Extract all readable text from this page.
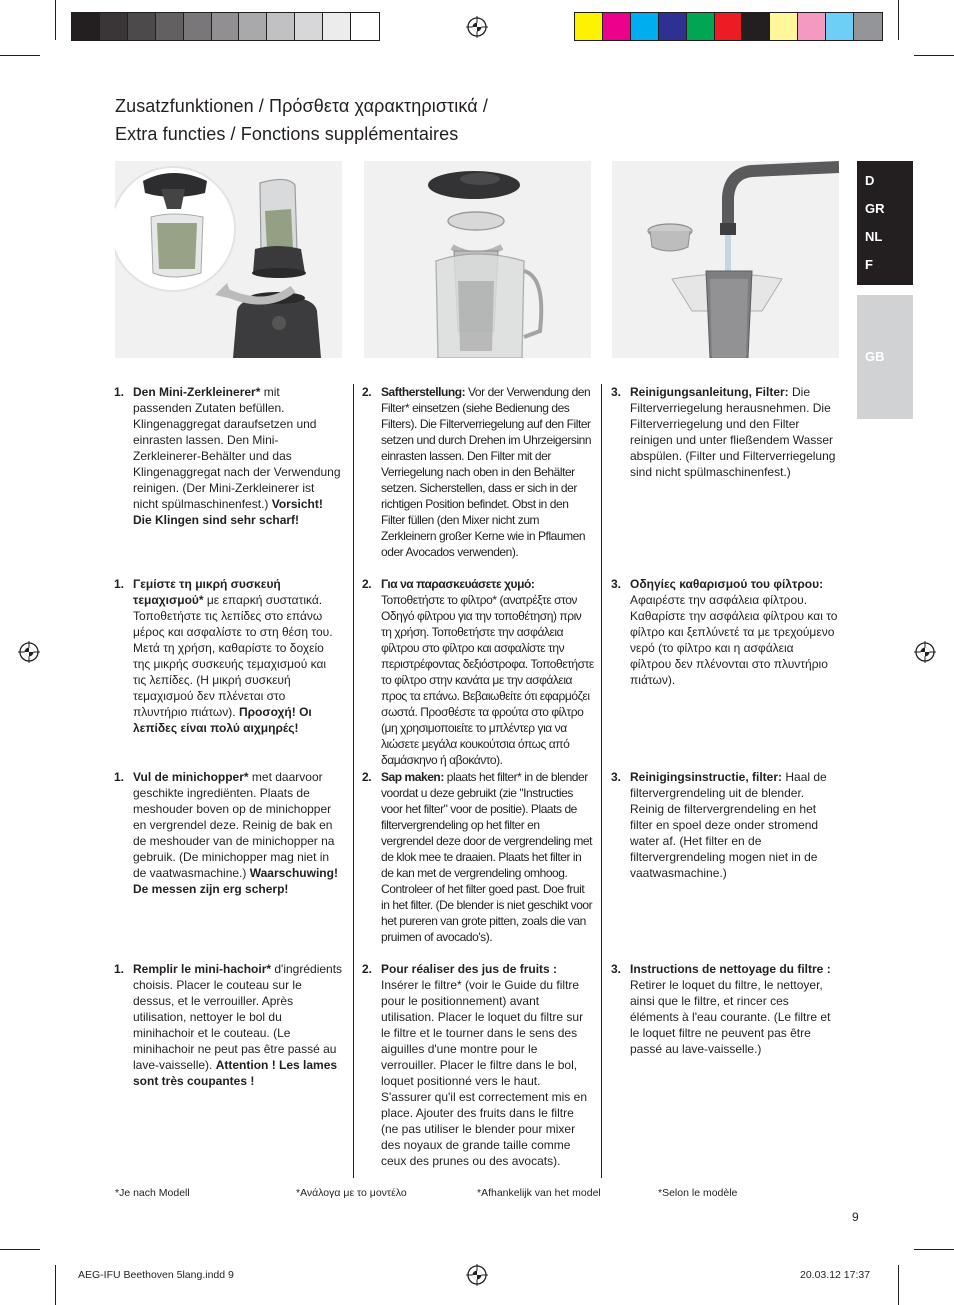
Zusatzfunktionen / Πρόσθετα χαρακτηριστικά /
Extra functies / Fonctions supplémentaires
D
GR
NL
F
GB
1. Den Mini-Zerkleinerer* mit passenden Zutaten befüllen. Klingenaggregat daraufsetzen und einrasten lassen. Den Mini-Zerkleinerer-Behälter und das Klingenaggregat nach der Verwendung reinigen. (Der Mini-Zerkleinerer ist nicht spülmaschinenfest.) Vorsicht! Die Klingen sind sehr scharf!
2. Saftherstellung: Vor der Verwendung den Filter* einsetzen (siehe Bedienung des Filters). Die Filterverriegelung auf den Filter setzen und durch Drehen im Uhrzeigersinn einrasten lassen. Den Filter mit der Verriegelung nach oben in den Behälter setzen. Sicherstellen, dass er sich in der richtigen Position befindet. Obst in den Filter füllen (den Mixer nicht zum Zerkleinern großer Kerne wie in Pflaumen oder Avocados verwenden).
3. Reinigungsanleitung, Filter: Die Filterverriegelung herausnehmen. Die Filterverriegelung und den Filter reinigen und unter fließendem Wasser abspülen. (Filter und Filterverriegelung sind nicht spülmaschinenfest.)
1. Γεμίστε τη μικρή συσκευή τεμαχισμού* με επαρκή συστατικά. Τοποθετήστε τις λεπίδες στο επάνω μέρος και ασφαλίστε το στη θέση του. Μετά τη χρήση, καθαρίστε το δοχείο της μικρής συσκευής τεμαχισμού και τις λεπίδες. (Η μικρή συσκευή τεμαχισμού δεν πλένεται στο πλυντήριο πιάτων). Προσοχή! Οι λεπίδες είναι πολύ αιχμηρές!
2. Για να παρασκευάσετε χυμό: Τοποθετήστε το φίλτρο* (ανατρέξτε στον Οδηγό φίλτρου για την τοποθέτηση) πριν τη χρήση. Τοποθετήστε την ασφάλεια φίλτρου στο φίλτρο και ασφαλίστε την περιστρέφοντας δεξιόστροφα. Τοποθετήστε το φίλτρο στην κανάτα με την ασφάλεια προς τα επάνω. Βεβαιωθείτε ότι εφαρμόζει σωστά. Προσθέστε τα φρούτα στο φίλτρο (μη χρησιμοποιείτε το μπλέντερ για να λιώσετε μεγάλα κουκούτσια όπως από δαμάσκηνο ή αβοκάντο).
3. Οδηγίες καθαρισμού του φίλτρου: Αφαιρέστε την ασφάλεια φίλτρου. Καθαρίστε την ασφάλεια φίλτρου και το φίλτρο και ξεπλύνετέ τα με τρεχούμενο νερό (το φίλτρο και η ασφάλεια φίλτρου δεν πλένονται στο πλυντήριο πιάτων).
1. Vul de minichopper* met daarvoor geschikte ingrediënten. Plaats de meshouder boven op de minichopper en vergrendel deze. Reinig de bak en de meshouder van de minichopper na gebruik. (De minichopper mag niet in de vaatwasmachine.) Waarschuwing! De messen zijn erg scherp!
2. Sap maken: plaats het filter* in de blender voordat u deze gebruikt (zie "Instructies voor het filter" voor de positie). Plaats de filtervergrendeling op het filter en vergrendel deze door de vergrendeling met de klok mee te draaien. Plaats het filter in de kan met de vergrendeling omhoog. Controleer of het filter goed past. Doe fruit in het filter. (De blender is niet geschikt voor het pureren van grote pitten, zoals die van pruimen of avocado's).
3. Reinigingsinstructie, filter: Haal de filtervergrendeling uit de blender. Reinig de filtervergrendeling en het filter en spoel deze onder stromend water af. (Het filter en de filtervergrendeling mogen niet in de vaatwasmachine.)
1. Remplir le mini-hachoir* d'ingrédients choisis. Placer le couteau sur le dessus, et le verrouiller. Après utilisation, nettoyer le bol du minihachoir et le couteau. (Le minihachoir ne peut pas être passé au lave-vaisselle). Attention ! Les lames sont très coupantes !
2. Pour réaliser des jus de fruits : Insérer le filtre* (voir le Guide du filtre pour le positionnement) avant utilisation. Placer le loquet du filtre sur le filtre et le tourner dans le sens des aiguilles d'une montre pour le verrouiller. Placer le filtre dans le bol, loquet positionné vers le haut. S'assurer qu'il est correctement mis en place. Ajouter des fruits dans le filtre (ne pas utiliser le blender pour mixer des noyaux de grande taille comme ceux des prunes ou des avocats).
3. Instructions de nettoyage du filtre : Retirer le loquet du filtre, le nettoyer, ainsi que le filtre, et rincer ces éléments à l'eau courante. (Le filtre et le loquet filtre ne peuvent pas être passé au lave-vaisselle.)
*Je nach Modell	*Ανάλογα με το μοντέλο	*Afhankelijk van het model	*Selon le modèle
9
AEG-IFU Beethoven 5lang.indd 9	20.03.12 17:37
